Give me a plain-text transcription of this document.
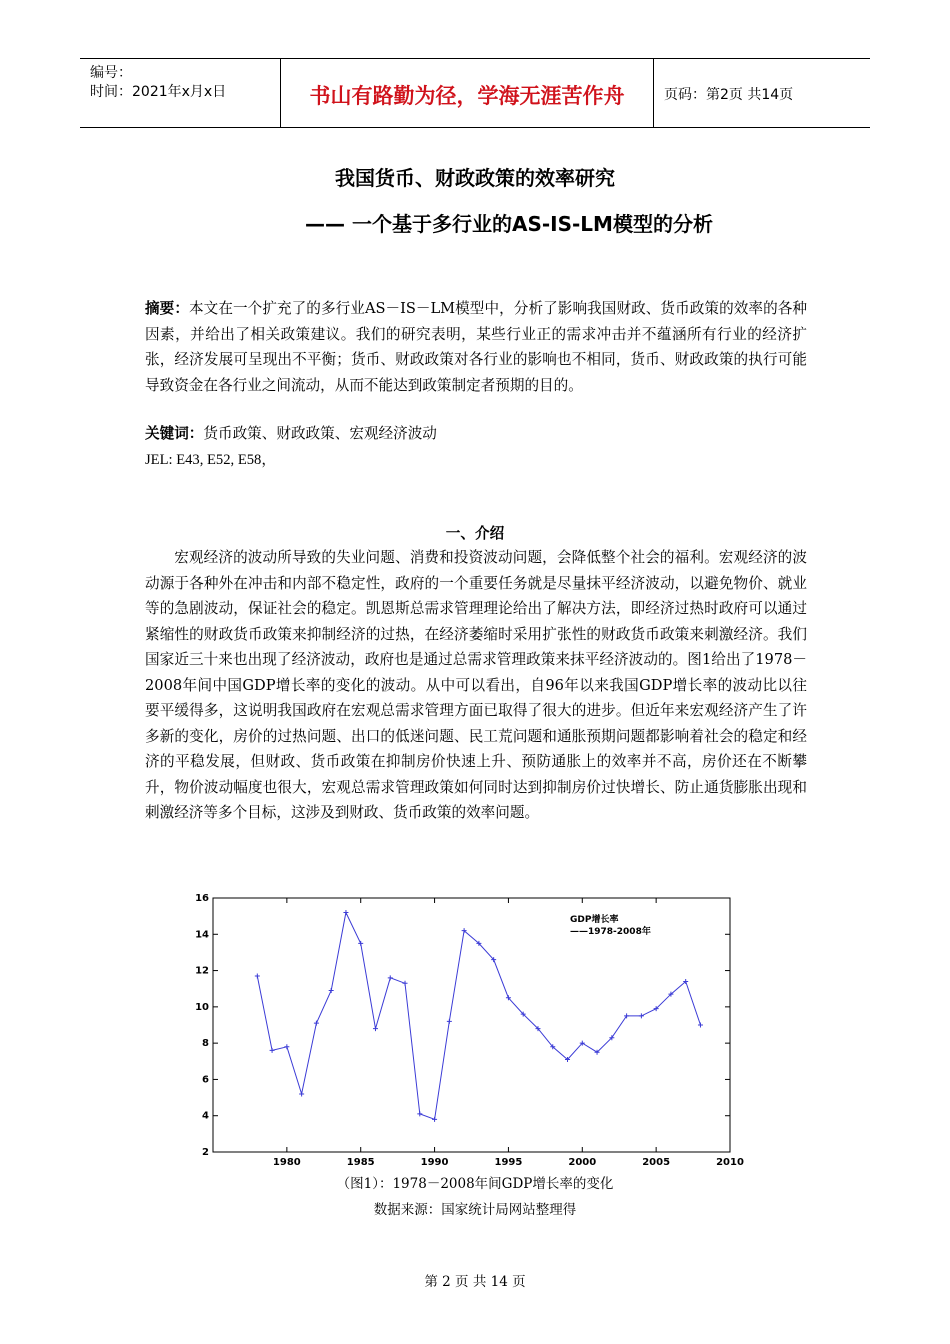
编号：
时间：2021年x月x日	书山有路勤为径，学海无涯苦作舟	页码：第2页 共14页
我国货币、财政政策的效率研究
—— 一个基于多行业的AS-IS-LM模型的分析
摘要：本文在一个扩充了的多行业AS－IS－LM模型中，分析了影响我国财政、货币政策的效率的各种因素，并给出了相关政策建议。我们的研究表明，某些行业正的需求冲击并不蕴涵所有行业的经济扩张，经济发展可呈现出不平衡；货币、财政政策对各行业的影响也不相同，货币、财政政策的执行可能导致资金在各行业之间流动，从而不能达到政策制定者预期的目的。
关键词：货币政策、财政政策、宏观经济波动
JEL: E43, E52, E58，
一、介绍
宏观经济的波动所导致的失业问题、消费和投资波动问题，会降低整个社会的福利。宏观经济的波动源于各种外在冲击和内部不稳定性，政府的一个重要任务就是尽量抹平经济波动，以避免物价、就业等的急剧波动，保证社会的稳定。凯恩斯总需求管理理论给出了解决方法，即经济过热时政府可以通过紧缩性的财政货币政策来抑制经济的过热，在经济萎缩时采用扩张性的财政货币政策来刺激经济。我们国家近三十来也出现了经济波动，政府也是通过总需求管理政策来抹平经济波动的。图1给出了1978－2008年间中国GDP增长率的变化的波动。从中可以看出，自96年以来我国GDP增长率的波动比以往要平缓得多，这说明我国政府在宏观总需求管理方面已取得了很大的进步。但近年来宏观经济产生了许多新的变化，房价的过热问题、出口的低迷问题、民工荒问题和通胀预期问题都影响着社会的稳定和经济的平稳发展，但财政、货币政策在抑制房价快速上升、预防通胀上的效率并不高，房价还在不断攀升，物价波动幅度也很大，宏观总需求管理政策如何同时达到抑制房价过快增长、防止通货膨胀出现和刺激经济等多个目标，这涉及到财政、货币政策的效率问题。
2
4
6
8
10
12
14
16
1980	1985	1990	1995	2000	2005	2010
GDP增长率
——1978-2008年
（图1）：1978－2008年间GDP增长率的变化
数据来源：国家统计局网站整理得
第 2 页 共 14 页
